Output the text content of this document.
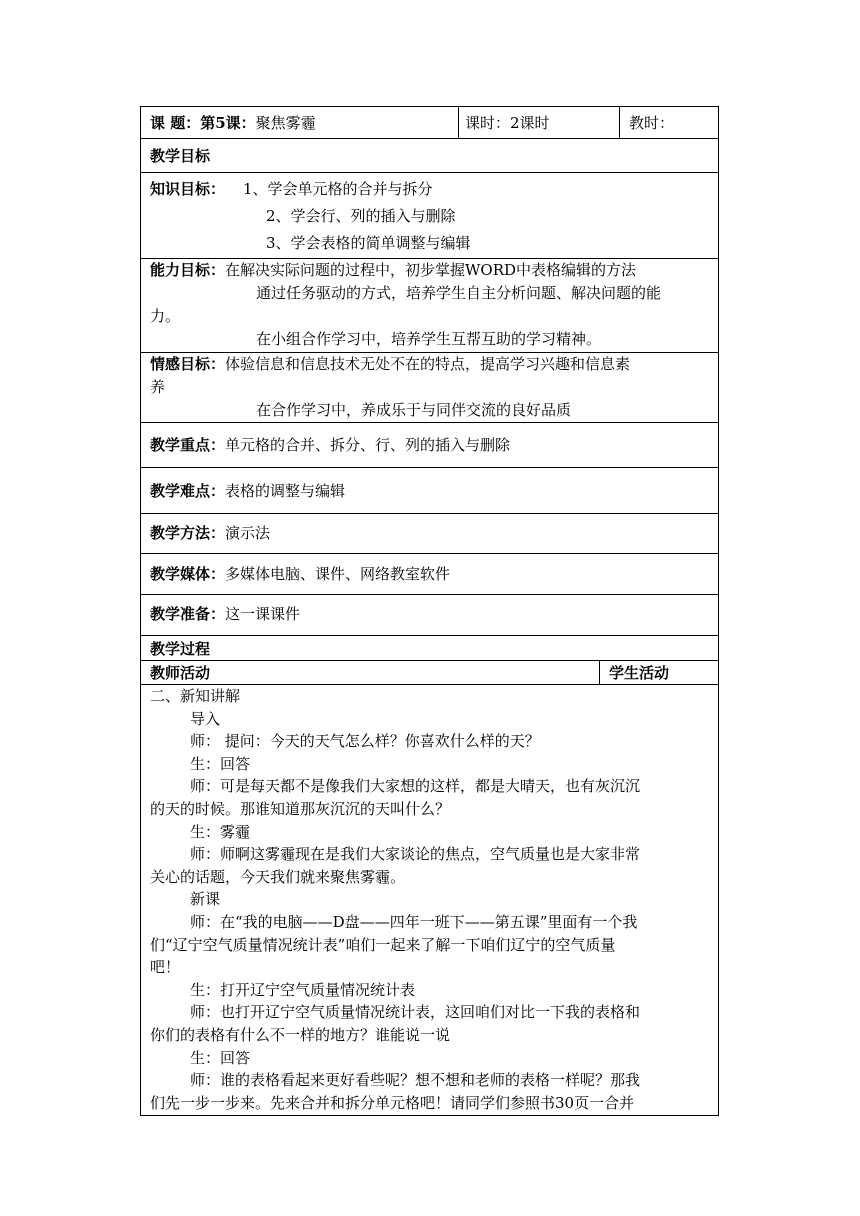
课 题：第5课：聚焦雾霾	课时：2课时	教时：
教学目标
知识目标： 1、学会单元格的合并与拆分
2、学会行、列的插入与删除
3、学会表格的简单调整与编辑
能力目标：在解决实际问题的过程中，初步掌握WORD中表格编辑的方法
通过任务驱动的方式，培养学生自主分析问题、解决问题的能
力。
在小组合作学习中，培养学生互帮互助的学习精神。
情感目标：体验信息和信息技术无处不在的特点，提高学习兴趣和信息素
养
在合作学习中，养成乐于与同伴交流的良好品质
教学重点：单元格的合并、拆分、行、列的插入与删除
教学难点：表格的调整与编辑
教学方法：演示法
教学媒体：多媒体电脑、课件、网络教室软件
教学准备：这一课课件
教学过程
教师活动	学生活动

二、新知讲解

导入

师： 提问：今天的天气怎么样？你喜欢什么样的天？

生：回答

师：可是每天都不是像我们大家想的这样，都是大晴天，也有灰沉沉

的天的时候。那谁知道那灰沉沉的天叫什么？

生：雾霾

师：师啊这雾霾现在是我们大家谈论的焦点，空气质量也是大家非常

关心的话题，今天我们就来聚焦雾霾。

新课

师：在“我的电脑——D盘——四年一班下——第五课”里面有一个我

们“辽宁空气质量情况统计表”咱们一起来了解一下咱们辽宁的空气质量

吧！

生：打开辽宁空气质量情况统计表

师：也打开辽宁空气质量情况统计表，这回咱们对比一下我的表格和

你们的表格有什么不一样的地方？谁能说一说

生：回答

师：谁的表格看起来更好看些呢？想不想和老师的表格一样呢？那我

们先一步一步来。先来合并和拆分单元格吧！请同学们参照书30页一合并
